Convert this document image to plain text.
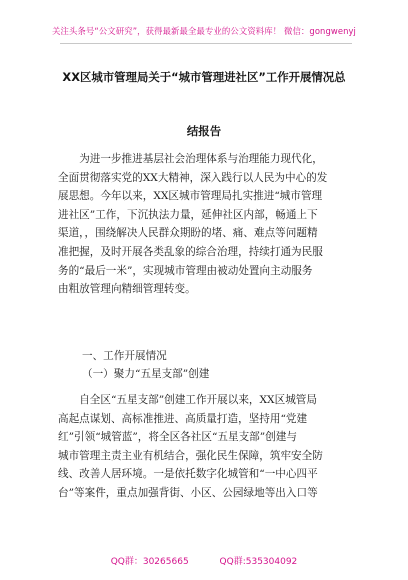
关注头条号“公文研究”，获得最新最全最专业的公文资料库！ 微信：gongwenyj
XX区城市管理局关于“城市管理进社区”工作开展情况总
结报告
为进一步推进基层社会治理体系与治理能力现代化，
全面贯彻落实党的XX大精神，深入践行以人民为中心的发
展思想。今年以来，XX区城市管理局扎实推进“城市管理
进社区”工作，下沉执法力量，延伸社区内部，畅通上下
渠道，，围绕解决人民群众期盼的堵、痛、难点等问题精
准把握，及时开展各类乱象的综合治理，持续打通为民服
务的“最后一米”，实现城市管理由被动处置向主动服务
由粗放管理向精细管理转变。
一、工作开展情况
（一）聚力“五星支部”创建
自全区“五星支部”创建工作开展以来，XX区城管局
高起点谋划、高标准推进、高质量打造，坚持用“党建
红”引领“城管蓝”，将全区各社区“五星支部”创建与
城市管理主责主业有机结合，强化民生保障，筑牢安全防
线、改善人居环境。一是依托数字化城管和“一中心四平
台”等案件，重点加强背街、小区、公园绿地等出入口等
QQ群：30265665	QQ群:535304092
